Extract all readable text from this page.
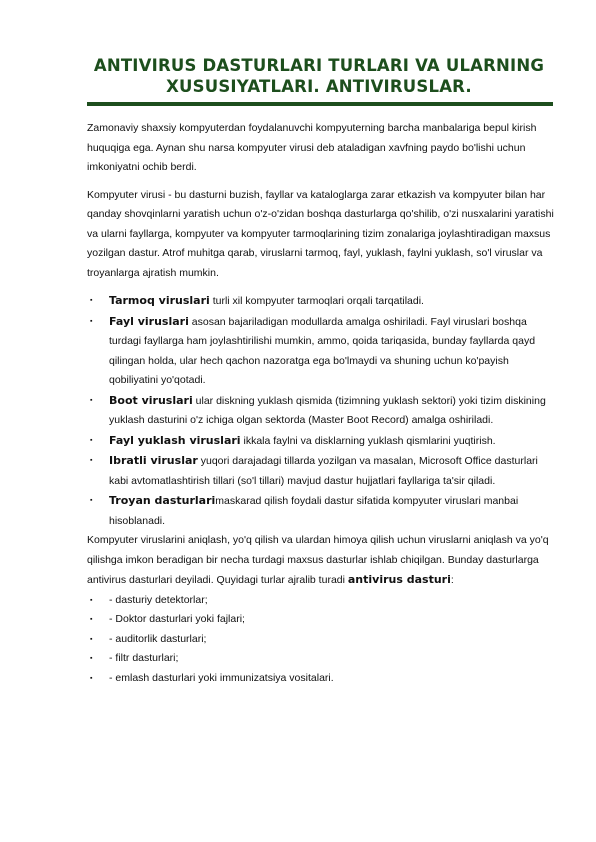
ANTIVIRUS DASTURLARI TURLARI VA ULARNING XUSUSIYATLARI. ANTIVIRUSLAR.

Zamonaviy shaxsiy kompyuterdan foydalanuvchi kompyuterning barcha manbalariga bepul kirish huquqiga ega. Aynan shu narsa kompyuter virusi deb ataladigan xavfning paydo bo'lishi uchun imkoniyatni ochib berdi.

Kompyuter virusi - bu dasturni buzish, fayllar va kataloglarga zarar etkazish va kompyuter bilan har qanday shovqinlarni yaratish uchun o'z-o'zidan boshqa dasturlarga qo'shilib, o'zi nusxalarini yaratishi va ularni fayllarga, kompyuter va kompyuter tarmoqlarining tizim zonalariga joylashtiradigan maxsus yozilgan dastur. Atrof muhitga qarab, viruslarni tarmoq, fayl, yuklash, faylni yuklash, so'l viruslar va troyanlarga ajratish mumkin.

▪ Tarmoq viruslari turli xil kompyuter tarmoqlari orqali tarqatiladi.
▪ Fayl viruslari asosan bajariladigan modullarda amalga oshiriladi. Fayl viruslari boshqa turdagi fayllarga ham joylashtirilishi mumkin, ammo, qoida tariqasida, bunday fayllarda qayd qilingan holda, ular hech qachon nazoratga ega bo'lmaydi va shuning uchun ko'payish qobiliyatini yo'qotadi.
▪ Boot viruslari ular diskning yuklash qismida (tizimning yuklash sektori) yoki tizim diskining yuklash dasturini o'z ichiga olgan sektorda (Master Boot Record) amalga oshiriladi.
▪ Fayl yuklash viruslari ikkala faylni va disklarning yuklash qismlarini yuqtirish.
▪ Ibratli viruslar yuqori darajadagi tillarda yozilgan va masalan, Microsoft Office dasturlari kabi avtomatlashtirish tillari (so'l tillari) mavjud dastur hujjatlari fayllariga ta'sir qiladi.
▪ Troyan dasturlarimaskarad qilish foydali dastur sifatida kompyuter viruslari manbai hisoblanadi.

Kompyuter viruslarini aniqlash, yo'q qilish va ulardan himoya qilish uchun viruslarni aniqlash va yo'q qilishga imkon beradigan bir necha turdagi maxsus dasturlar ishlab chiqilgan. Bunday dasturlarga antivirus dasturlari deyiladi. Quyidagi turlar ajralib turadi antivirus dasturi:

▪ - dasturiy detektorlar;
▪ - Doktor dasturlari yoki fajlari;
▪ - auditorlik dasturlari;
▪ - filtr dasturlari;
▪ - emlash dasturlari yoki immunizatsiya vositalari.
